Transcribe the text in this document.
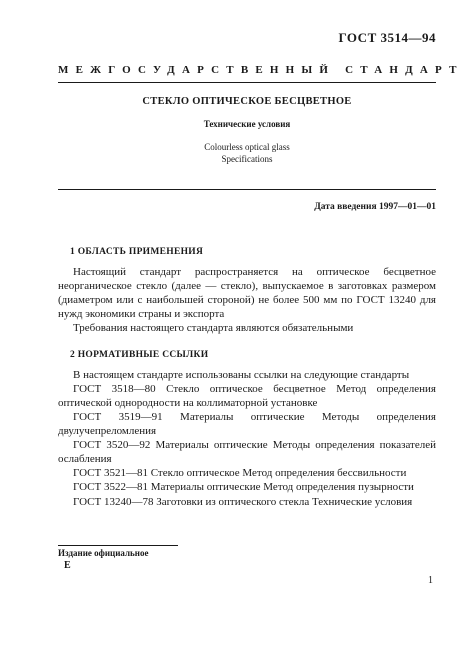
ГОСТ 3514—94
МЕЖГОСУДАРСТВЕННЫЙ СТАНДАРТ

СТЕКЛО ОПТИЧЕСКОЕ БЕСЦВЕТНОЕ

Технические условия

Colourless optical glass

Specifications

Дата введения 1997—01—01

1 ОБЛАСТЬ ПРИМЕНЕНИЯ

Настоящий стандарт распространяется на оптическое бесцветное неорганическое стекло (далее — стекло), выпускаемое в заготовках размером (диаметром или с наибольшей стороной) не более 500 мм по ГОСТ 13240 для нужд экономики страны и экспорта

Требования настоящего стандарта являются обязательными

2 НОРМАТИВНЫЕ ССЫЛКИ

В настоящем стандарте использованы ссылки на следующие стандарты

ГОСТ 3518—80 Стекло оптическое бесцветное Метод определения оптической однородности на коллиматорной установке

ГОСТ 3519—91 Материалы оптические Методы определения двулучепреломления

ГОСТ 3520—92 Материалы оптические Методы определения показателей ослабления

ГОСТ 3521—81 Стекло оптическое Метод определения бессвильности

ГОСТ 3522—81 Материалы оптические Метод определения пузырности

ГОСТ 13240—78 Заготовки из оптического стекла Технические условия

Издание официальное
E
1
